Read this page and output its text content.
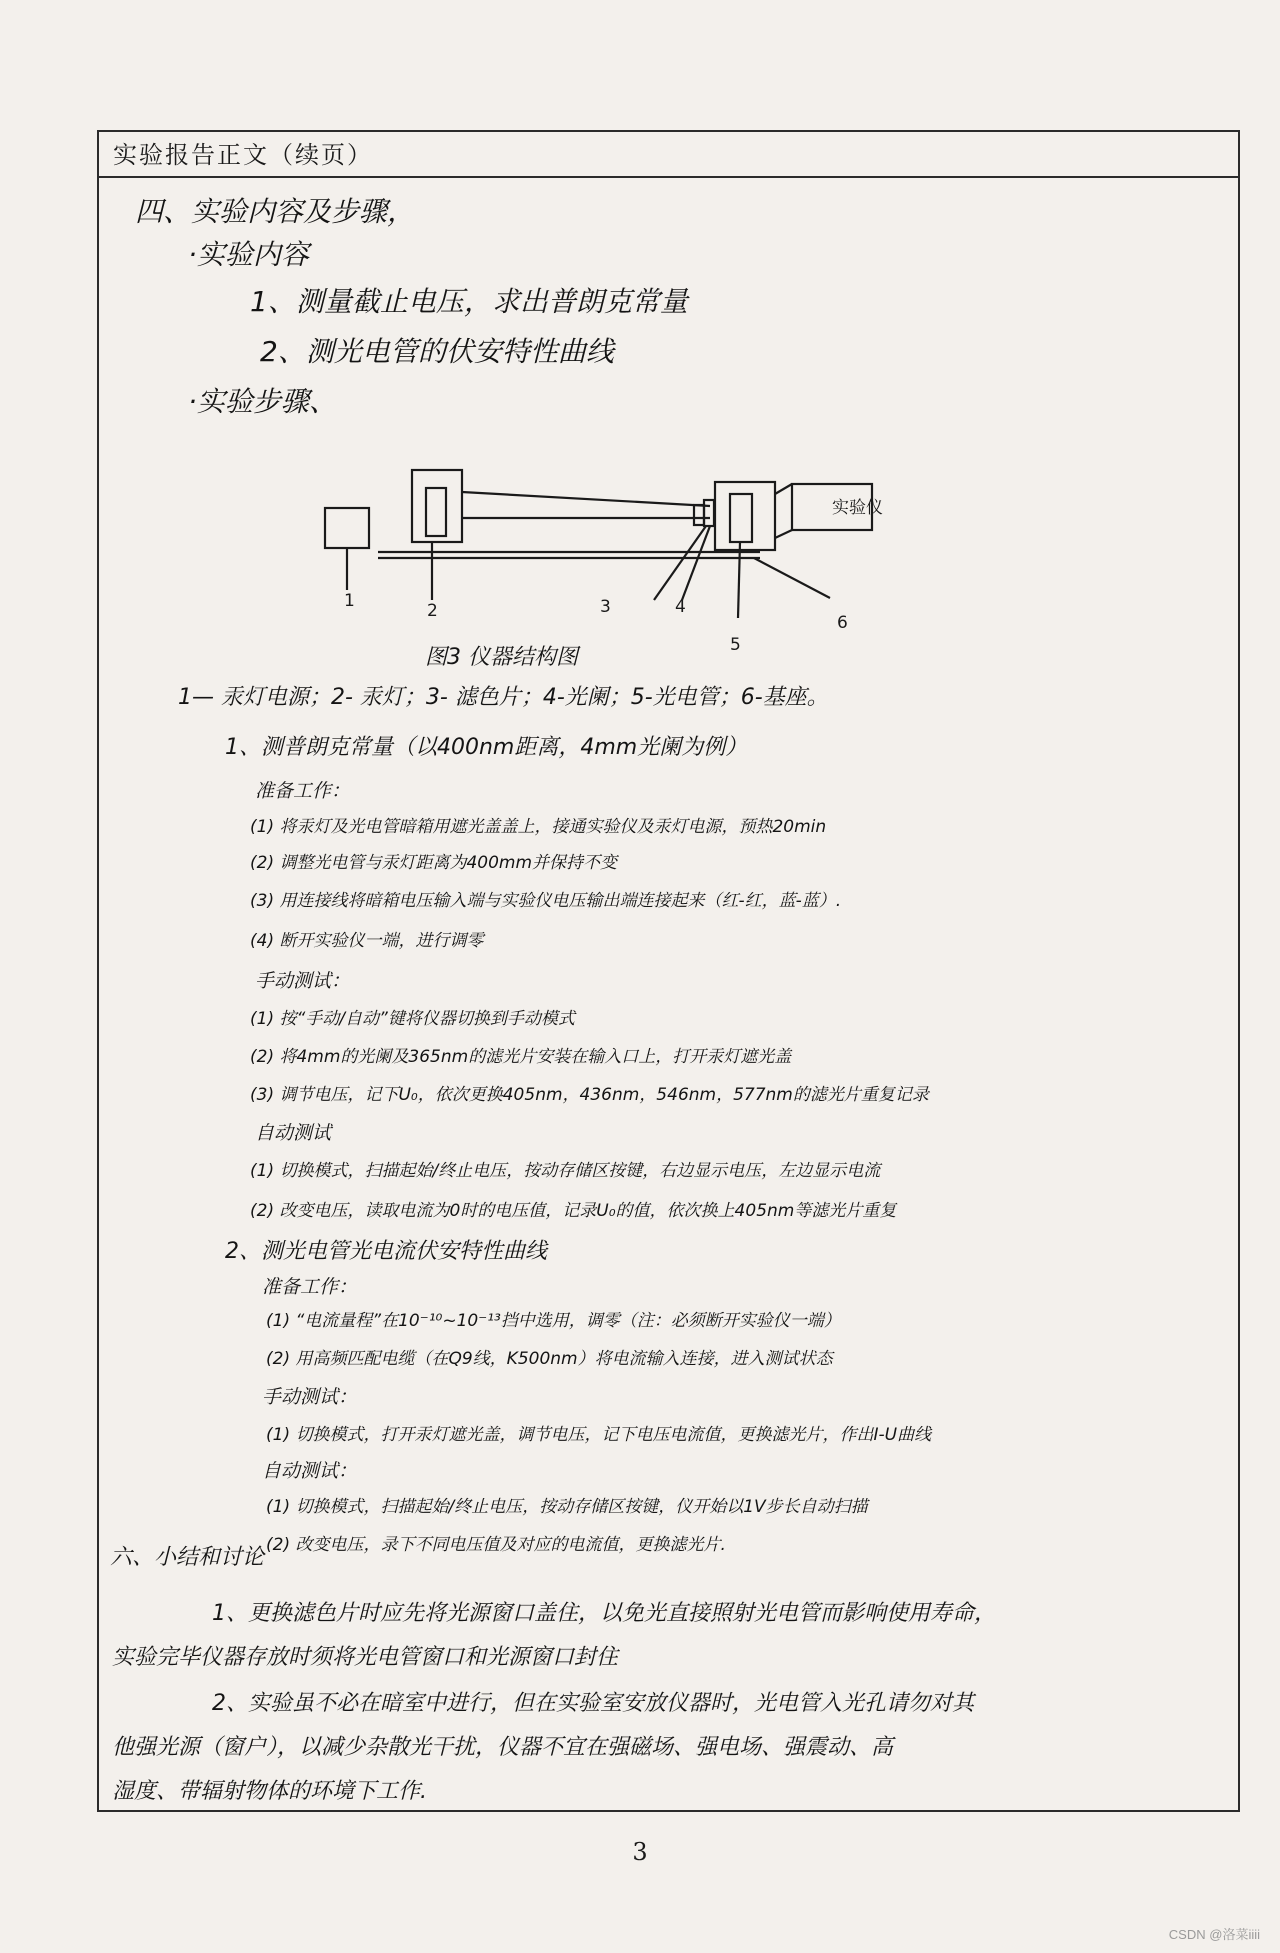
实验报告正文（续页）
四、实验内容及步骤，
·实验内容
1、测量截止电压，求出普朗克常量
2、测光电管的伏安特性曲线
·实验步骤、
实验仪
1	2	3	4
5
6
图3 仪器结构图
1— 汞灯电源；2- 汞灯；3- 滤色片；4-光阑；5-光电管；6-基座。
1、测普朗克常量（以400nm距离，4mm光阑为例）
准备工作：
(1) 将汞灯及光电管暗箱用遮光盖盖上，接通实验仪及汞灯电源，预热20min
(2) 调整光电管与汞灯距离为400mm并保持不变
(3) 用连接线将暗箱电压输入端与实验仪电压输出端连接起来（红-红，蓝-蓝）.
(4) 断开实验仪一端，进行调零
手动测试：
(1) 按“手动/自动”键将仪器切换到手动模式
(2) 将4mm的光阑及365nm的滤光片安装在输入口上，打开汞灯遮光盖
(3) 调节电压，记下U₀，依次更换405nm，436nm，546nm，577nm的滤光片重复记录
自动测试
(1) 切换模式，扫描起始/终止电压，按动存储区按键，右边显示电压，左边显示电流
(2) 改变电压，读取电流为0时的电压值，记录U₀的值，依次换上405nm等滤光片重复
2、测光电管光电流伏安特性曲线
准备工作：
(1) “电流量程”在10⁻¹⁰~10⁻¹³挡中选用，调零（注：必须断开实验仪一端）
(2) 用高频匹配电缆（在Q9线，K500nm）将电流输入连接，进入测试状态
手动测试：
(1) 切换模式，打开汞灯遮光盖，调节电压，记下电压电流值，更换滤光片，作出I-U曲线
自动测试：
(1) 切换模式，扫描起始/终止电压，按动存储区按键，仪开始以1V步长自动扫描
(2) 改变电压，录下不同电压值及对应的电流值，更换滤光片.
六、小结和讨论
1、更换滤色片时应先将光源窗口盖住，以免光直接照射光电管而影响使用寿命，
实验完毕仪器存放时须将光电管窗口和光源窗口封住
2、实验虽不必在暗室中进行，但在实验室安放仪器时，光电管入光孔请勿对其
他强光源（窗户），以减少杂散光干扰，仪器不宜在强磁场、强电场、强震动、高
湿度、带辐射物体的环境下工作.
3
CSDN @洛菜iiii
